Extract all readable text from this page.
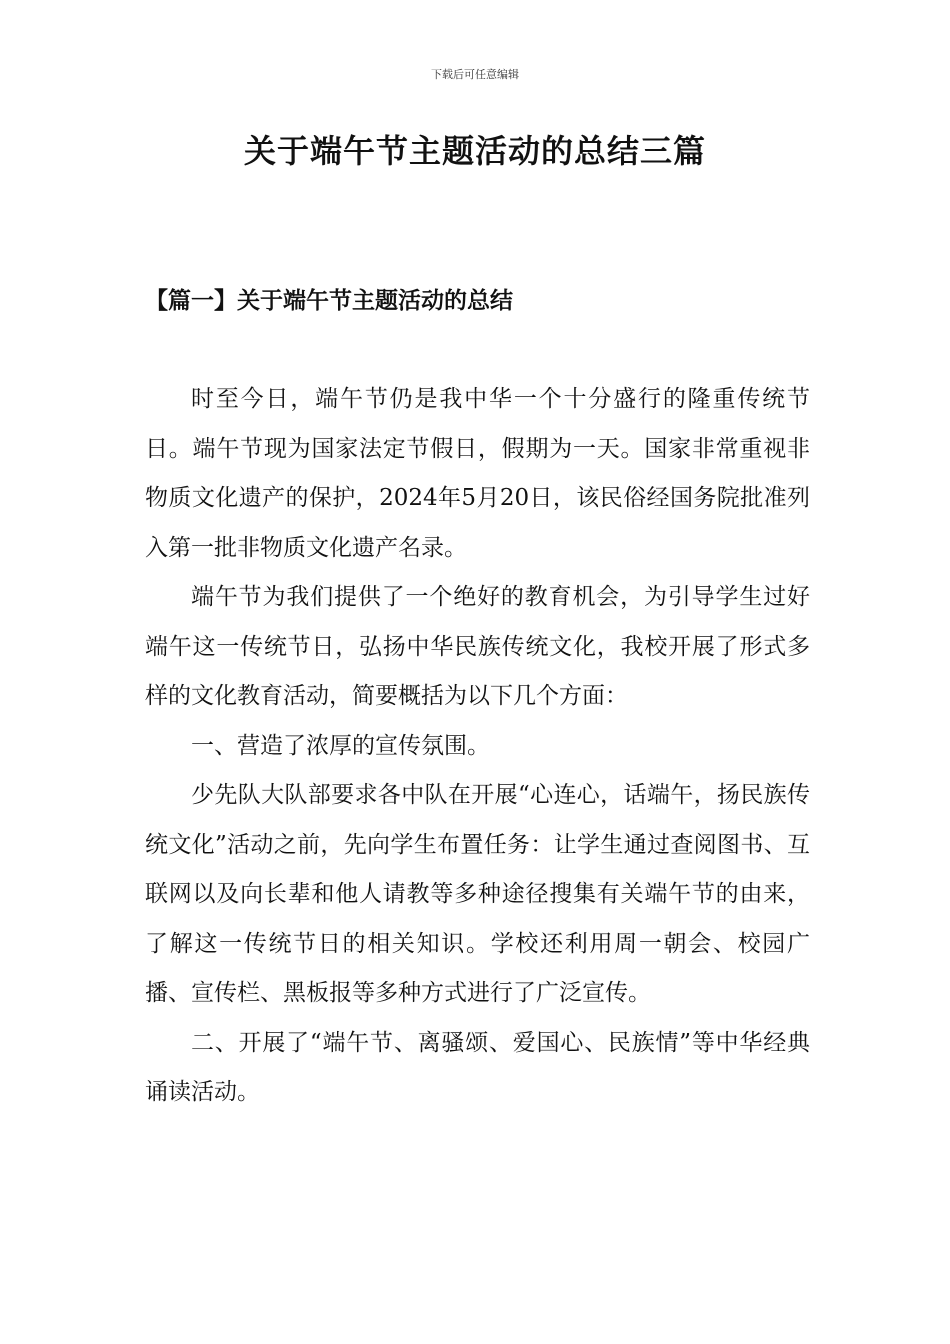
下载后可任意编辑
关于端午节主题活动的总结三篇
【篇一】关于端午节主题活动的总结

时至今日，端午节仍是我中华一个十分盛行的隆重传统节日。端午节现为国家法定节假日，假期为一天。国家非常重视非物质文化遗产的保护，2024年5月20日，该民俗经国务院批准列入第一批非物质文化遗产名录。

端午节为我们提供了一个绝好的教育机会，为引导学生过好端午这一传统节日，弘扬中华民族传统文化，我校开展了形式多样的文化教育活动，简要概括为以下几个方面：

一、营造了浓厚的宣传氛围。

少先队大队部要求各中队在开展“心连心，话端午，扬民族传统文化”活动之前，先向学生布置任务：让学生通过查阅图书、互联网以及向长辈和他人请教等多种途径搜集有关端午节的由来，了解这一传统节日的相关知识。学校还利用周一朝会、校园广播、宣传栏、黑板报等多种方式进行了广泛宣传。

二、开展了“端午节、离骚颂、爱国心、民族情”等中华经典诵读活动。
